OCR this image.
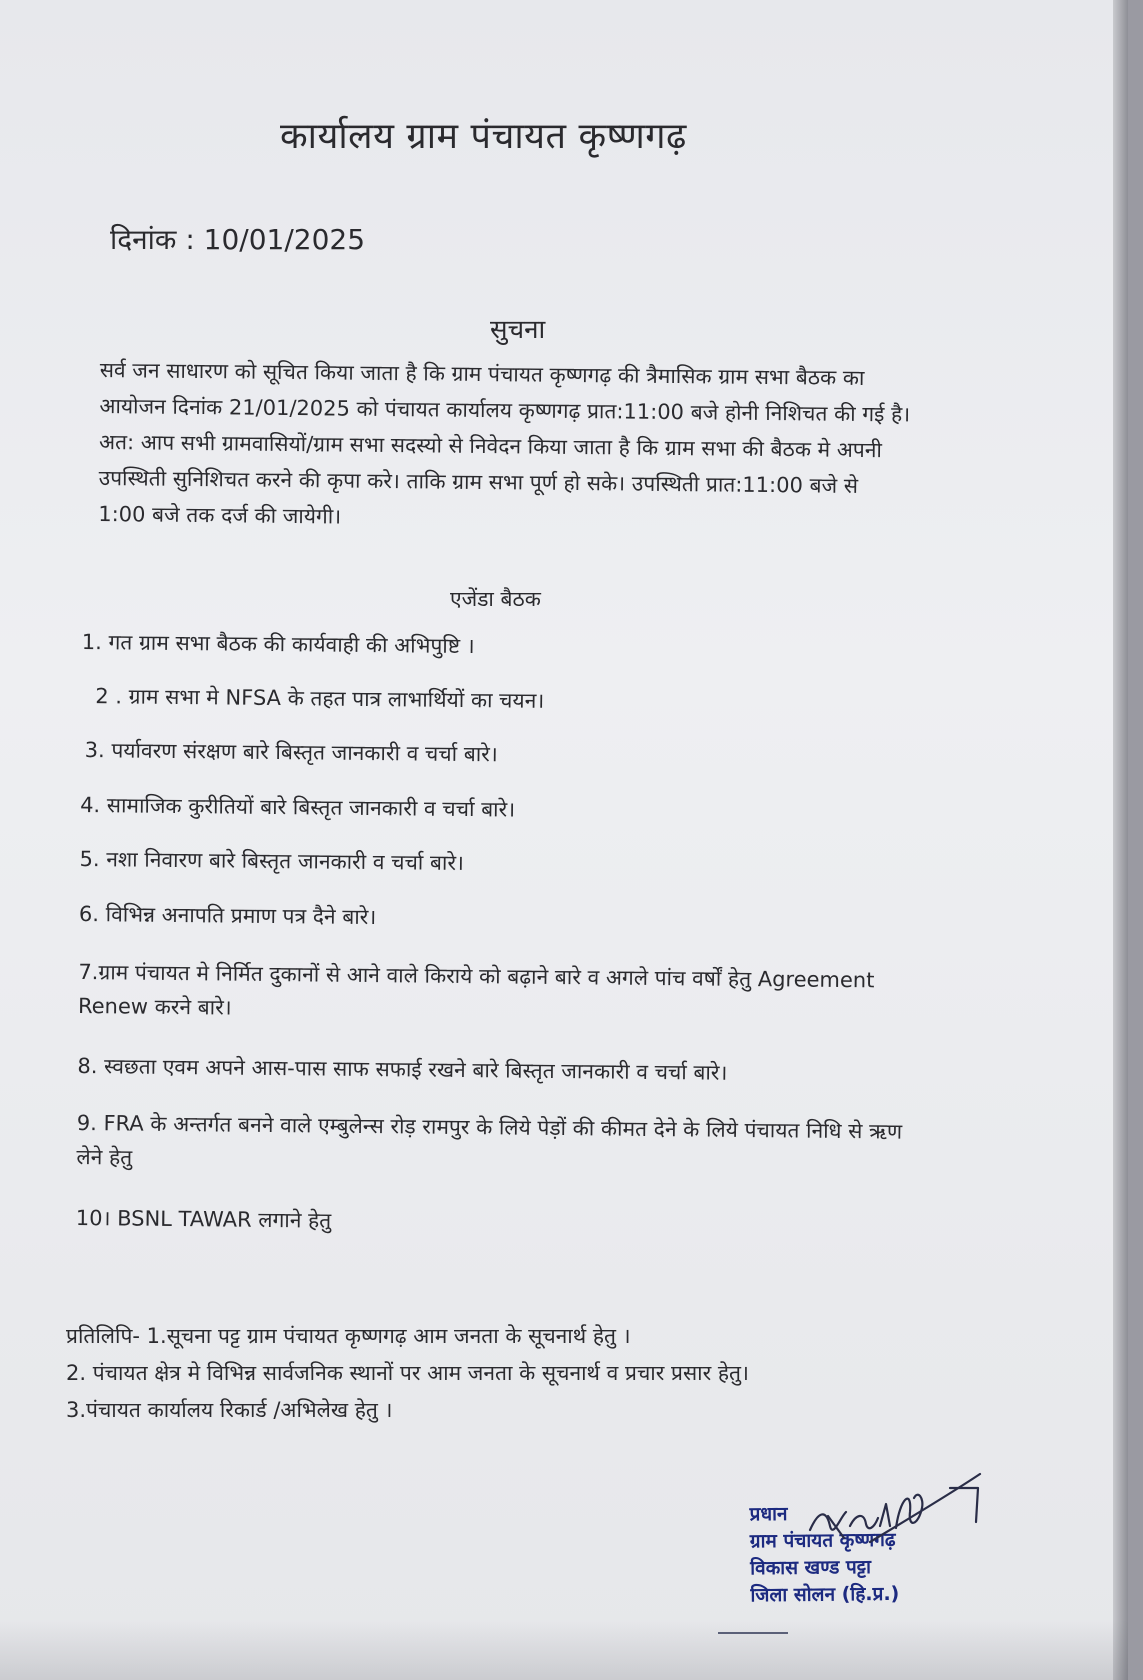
कार्यालय ग्राम पंचायत कृष्णगढ़
दिनांक : 10/01/2025
सुचना
सर्व जन साधारण को सूचित किया जाता है कि ग्राम पंचायत कृष्णगढ़ की त्रैमासिक ग्राम सभा बैठक का
आयोजन दिनांक 21/01/2025 को पंचायत कार्यालय कृष्णगढ़ प्रात:11:00 बजे होनी निशिचत की गई है।
अत: आप सभी ग्रामवासियों/ग्राम सभा सदस्यो से निवेदन किया जाता है कि ग्राम सभा की बैठक मे अपनी
उपस्थिती सुनिशिचत करने की कृपा करे। ताकि ग्राम सभा पूर्ण हो सके। उपस्थिती प्रात:11:00 बजे से
1:00 बजे तक दर्ज की जायेगी।
एजेंडा बैठक
1. गत ग्राम सभा बैठक की कार्यवाही की अभिपुष्टि ।
2 . ग्राम सभा मे NFSA के तहत पात्र लाभार्थियों का चयन।
3. पर्यावरण संरक्षण बारे बिस्तृत जानकारी व चर्चा बारे।
4. सामाजिक कुरीतियों बारे बिस्तृत जानकारी व चर्चा बारे।
5. नशा निवारण बारे बिस्तृत जानकारी व चर्चा बारे।
6. विभिन्न अनापति प्रमाण पत्र दैने बारे।
7.ग्राम पंचायत मे निर्मित दुकानों से आने वाले किराये को बढ़ाने बारे व अगले पांच वर्षों हेतु Agreement
Renew करने बारे।
8. स्वछता एवम अपने आस-पास साफ सफाई रखने बारे बिस्तृत जानकारी व चर्चा बारे।
9. FRA के अन्तर्गत बनने वाले एम्बुलेन्स रोड़ रामपुर के लिये पेड़ों की कीमत देने के लिये पंचायत निधि से ऋण
लेने हेतु
10। BSNL TAWAR लगाने हेतु
प्रतिलिपि- 1.सूचना पट्ट ग्राम पंचायत कृष्णगढ़ आम जनता के सूचनार्थ हेतु ।
2. पंचायत क्षेत्र मे विभिन्न सार्वजनिक स्थानों पर आम जनता के सूचनार्थ व प्रचार प्रसार हेतु।
3.पंचायत कार्यालय रिकार्ड /अभिलेख हेतु ।
प्रधान
ग्राम पंचायत कृष्णगढ़
विकास खण्ड पट्टा
जिला सोलन (हि.प्र.)
